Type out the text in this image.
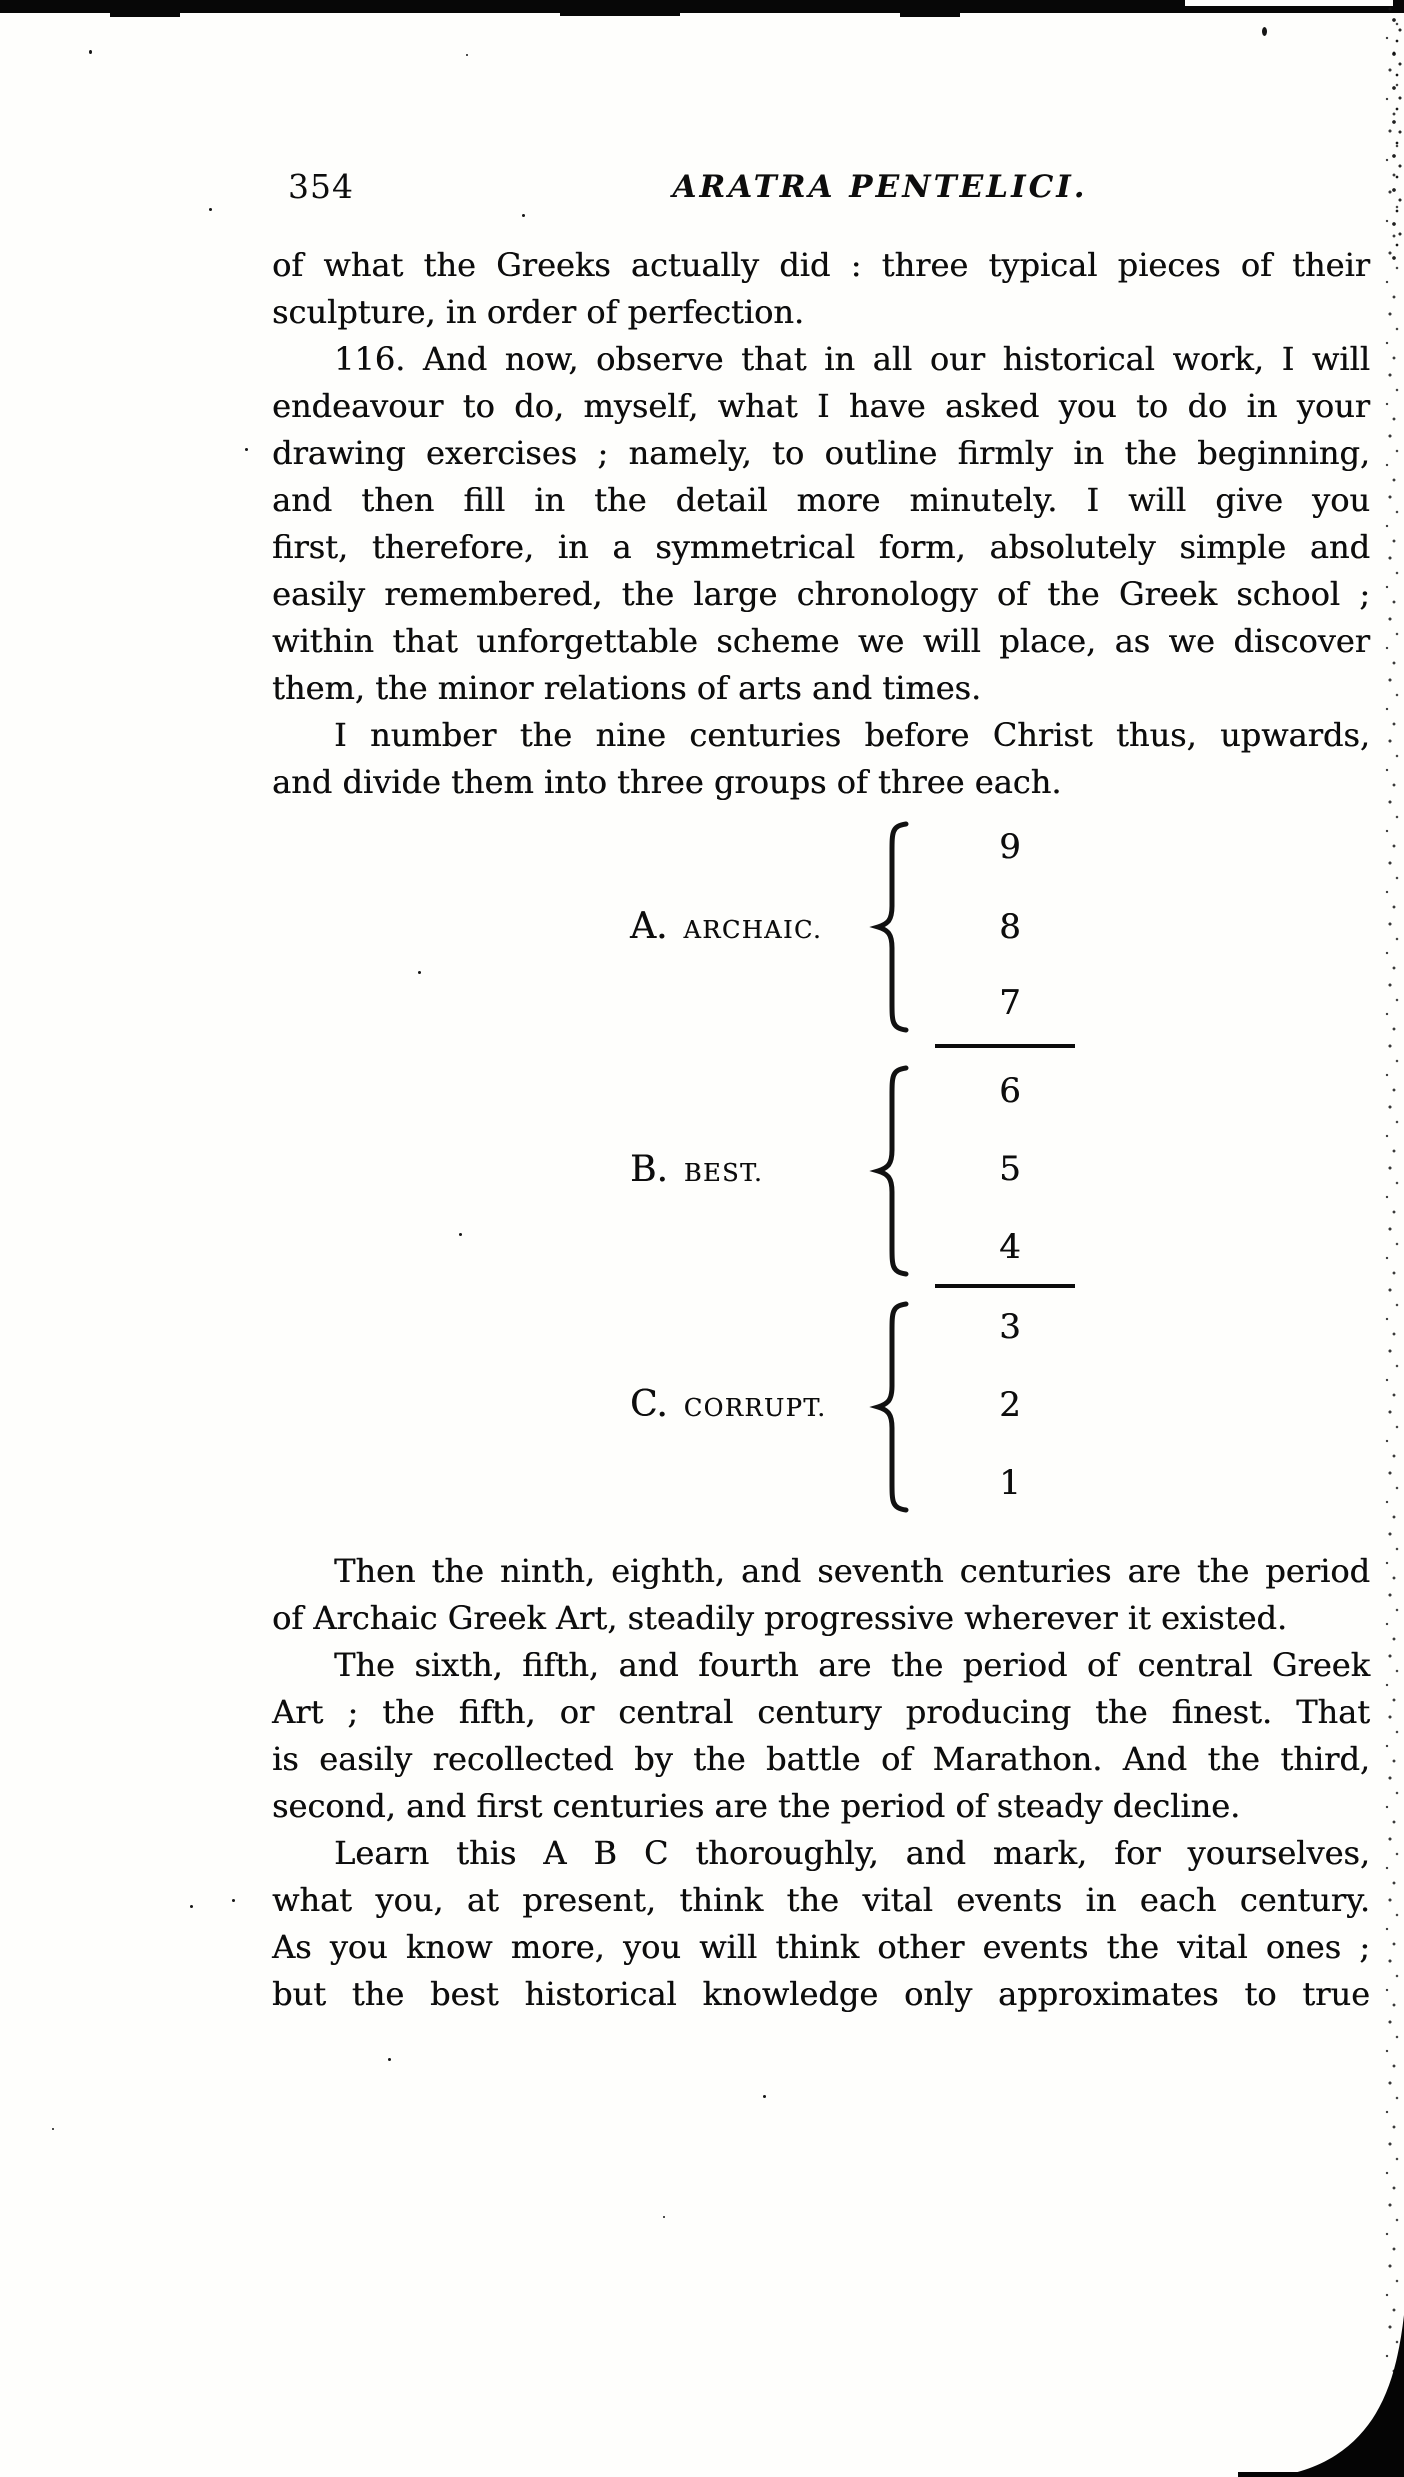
354	ARATRA PENTELICI.
of what the Greeks actually did : three typical pieces of their
sculpture, in order of perfection.
116. And now, observe that in all our historical work, I will
endeavour to do, myself, what I have asked you to do in your
drawing exercises ; namely, to outline firmly in the beginning,
and then fill in the detail more minutely. I will give you
first, therefore, in a symmetrical form, absolutely simple and
easily remembered, the large chronology of the Greek school ;
within that unforgettable scheme we will place, as we discover
them, the minor relations of arts and times.
I number the nine centuries before Christ thus, upwards,
and divide them into three groups of three each.
A. ARCHAIC.
9
8
7
B. BEST.
6
5
4
C. CORRUPT.
3
2
1
Then the ninth, eighth, and seventh centuries are the period
of Archaic Greek Art, steadily progressive wherever it existed.
The sixth, fifth, and fourth are the period of central Greek
Art ; the fifth, or central century producing the finest. That
is easily recollected by the battle of Marathon. And the third,
second, and first centuries are the period of steady decline.
Learn this A B C thoroughly, and mark, for yourselves,
what you, at present, think the vital events in each century.
As you know more, you will think other events the vital ones ;
but the best historical knowledge only approximates to true
